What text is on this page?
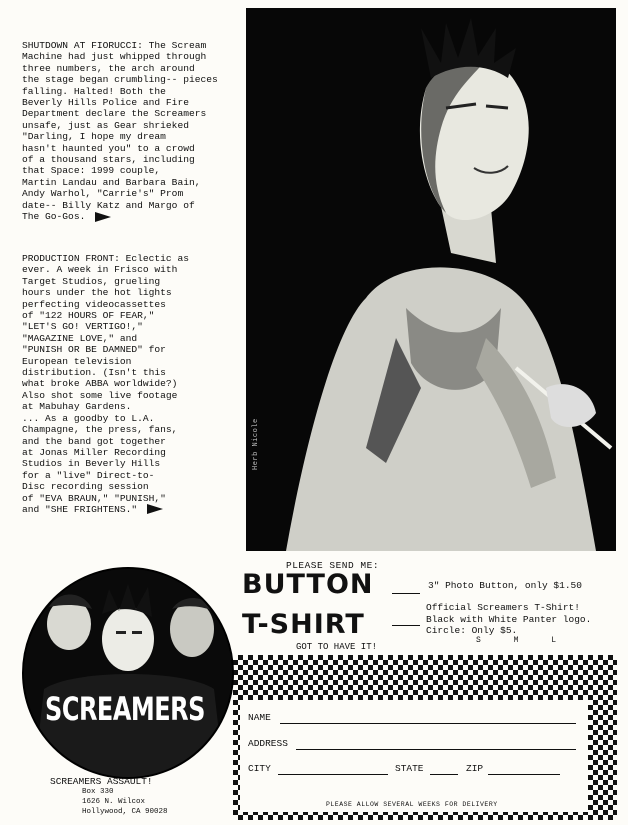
SHUTDOWN AT FIORUCCI: The Scream
Machine had just whipped through
three numbers, the arch around
the stage began crumbling-- pieces
falling. Halted! Both the
Beverly Hills Police and Fire
Department declare the Screamers
unsafe, just as Gear shrieked
"Darling, I hope my dream
hasn't haunted you" to a crowd
of a thousand stars, including
that Space: 1999 couple,
Martin Landau and Barbara Bain,
Andy Warhol, "Carrie's" Prom
date-- Billy Katz and Margo of
The Go-Gos.
PRODUCTION FRONT: Eclectic as
ever. A week in Frisco with
Target Studios, grueling
hours under the hot lights
perfecting videocassettes
of "122 HOURS OF FEAR,"
"LET'S GO! VERTIGO!,"
"MAGAZINE LOVE," and
"PUNISH OR BE DAMNED" for
European television
distribution. (Isn't this
what broke ABBA worldwide?)
Also shot some live footage
at Mabuhay Gardens.
... As a goodby to L.A.
Champagne, the press, fans,
and the band got together
at Jonas Miller Recording
Studios in Beverly Hills
for a "live" Direct-to-
Disc recording session
of "EVA BRAUN," "PUNISH,"
and "SHE FRIGHTENS."
Herb Nicole
PLEASE SEND ME:
BUTTON
T-SHIRT
3" Photo Button, only $1.50
Official Screamers T-Shirt!
Black with White Panter logo.
Circle: Only $5.
S M L
GOT TO HAVE IT!
NAME
ADDRESS
CITY	STATE	ZIP
PLEASE ALLOW SEVERAL WEEKS FOR DELIVERY
SCREAMERS
SCREAMERS ASSAULT!
Box 330
1626 N. Wilcox
Hollywood, CA 90028
